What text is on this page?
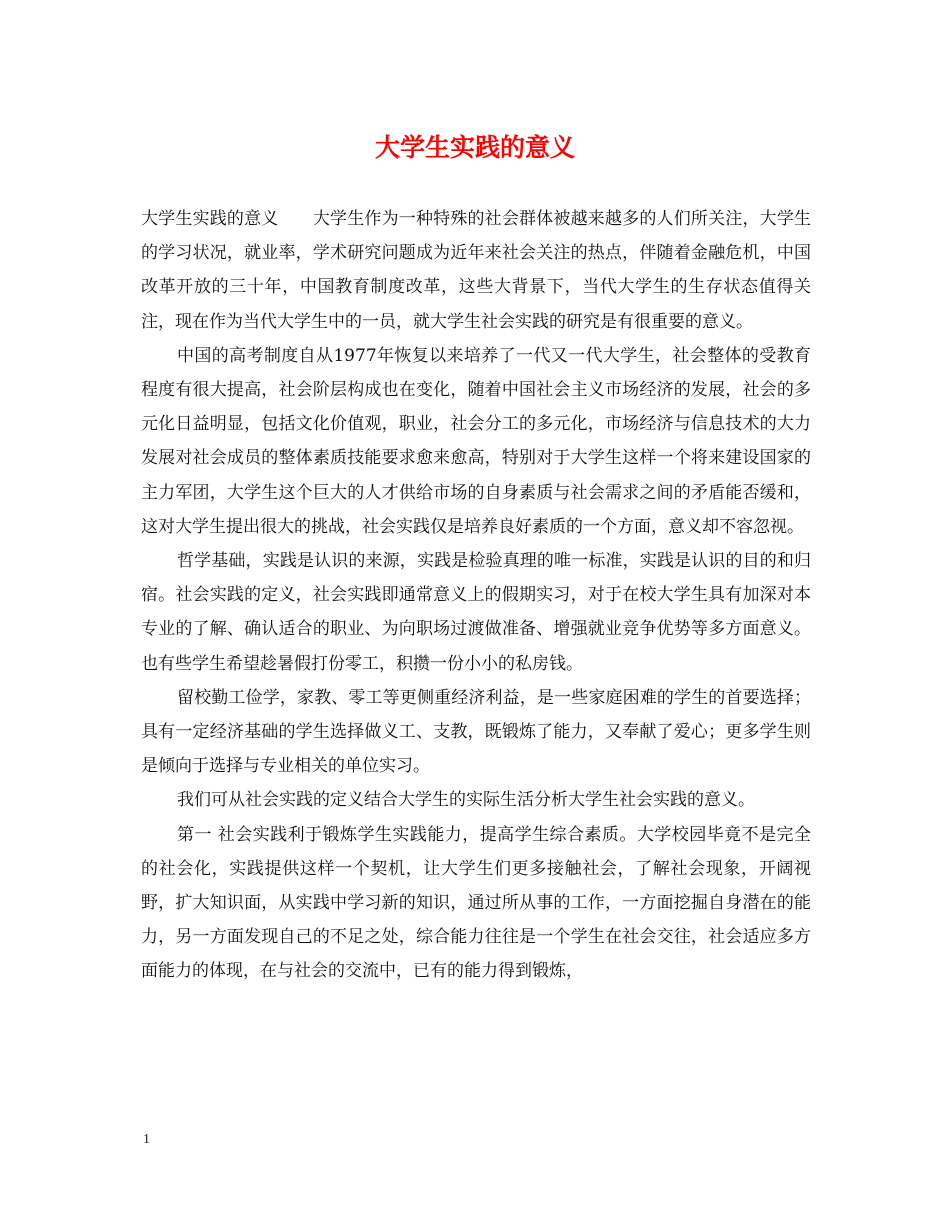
大学生实践的意义

大学生实践的意义　　大学生作为一种特殊的社会群体被越来越多的人们所关注，大学生的学习状况，就业率，学术研究问题成为近年来社会关注的热点，伴随着金融危机，中国改革开放的三十年，中国教育制度改革，这些大背景下，当代大学生的生存状态值得关注，现在作为当代大学生中的一员，就大学生社会实践的研究是有很重要的意义。

中国的高考制度自从1977年恢复以来培养了一代又一代大学生，社会整体的受教育程度有很大提高，社会阶层构成也在变化，随着中国社会主义市场经济的发展，社会的多元化日益明显，包括文化价值观，职业，社会分工的多元化，市场经济与信息技术的大力发展对社会成员的整体素质技能要求愈来愈高，特别对于大学生这样一个将来建设国家的主力军团，大学生这个巨大的人才供给市场的自身素质与社会需求之间的矛盾能否缓和，这对大学生提出很大的挑战，社会实践仅是培养良好素质的一个方面，意义却不容忽视。

哲学基础，实践是认识的来源，实践是检验真理的唯一标准，实践是认识的目的和归宿。社会实践的定义，社会实践即通常意义上的假期实习，对于在校大学生具有加深对本专业的了解、确认适合的职业、为向职场过渡做准备、增强就业竞争优势等多方面意义。也有些学生希望趁暑假打份零工，积攒一份小小的私房钱。

留校勤工俭学，家教、零工等更侧重经济利益，是一些家庭困难的学生的首要选择；具有一定经济基础的学生选择做义工、支教，既锻炼了能力，又奉献了爱心；更多学生则是倾向于选择与专业相关的单位实习。

我们可从社会实践的定义结合大学生的实际生活分析大学生社会实践的意义。

第一 社会实践利于锻炼学生实践能力，提高学生综合素质。大学校园毕竟不是完全的社会化，实践提供这样一个契机，让大学生们更多接触社会，了解社会现象，开阔视野，扩大知识面，从实践中学习新的知识，通过所从事的工作，一方面挖掘自身潜在的能力，另一方面发现自己的不足之处，综合能力往往是一个学生在社会交往，社会适应多方面能力的体现，在与社会的交流中，已有的能力得到锻炼，

1
